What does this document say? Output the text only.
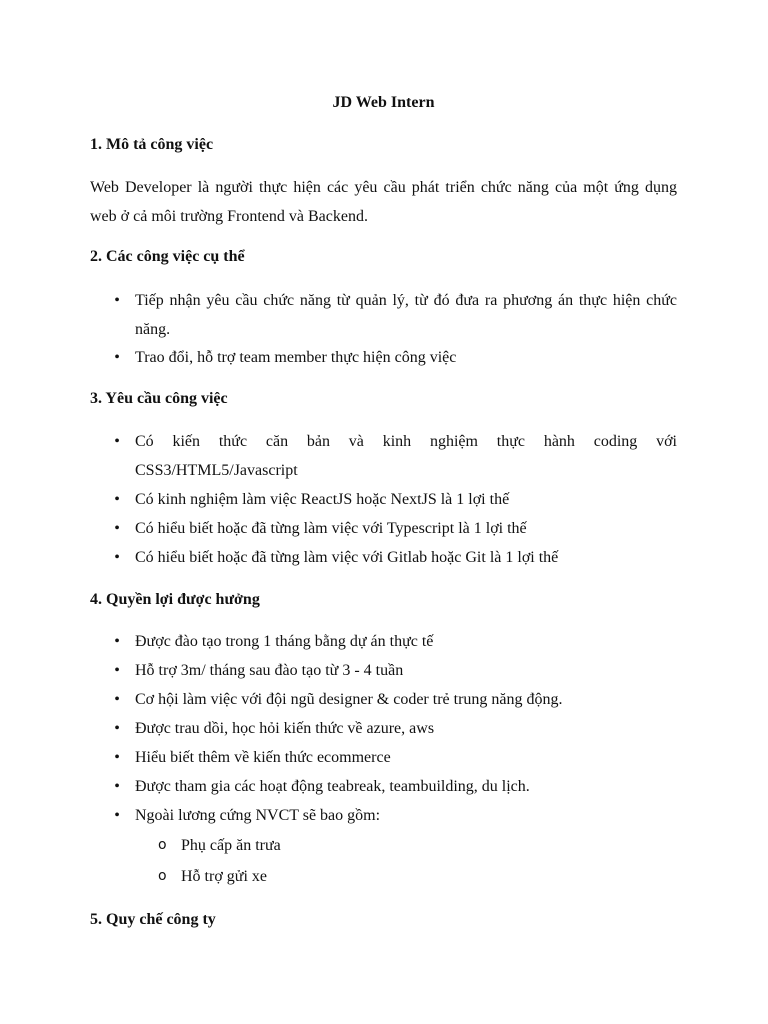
JD Web Intern
1. Mô tả công việc
Web Developer là người thực hiện các yêu cầu phát triển chức năng của một ứng dụng
web ở cả môi trường Frontend và Backend.
2. Các công việc cụ thể
• Tiếp nhận yêu cầu chức năng từ quản lý, từ đó đưa ra phương án thực hiện chức
năng.
• Trao đổi, hỗ trợ team member thực hiện công việc
3. Yêu cầu công việc
• Có kiến thức căn bản và kinh nghiệm thực hành coding với
CSS3/HTML5/Javascript
• Có kinh nghiệm làm việc ReactJS hoặc NextJS là 1 lợi thế
• Có hiểu biết hoặc đã từng làm việc với Typescript là 1 lợi thế
• Có hiểu biết hoặc đã từng làm việc với Gitlab hoặc Git là 1 lợi thế
4. Quyền lợi được hưởng
• Được đào tạo trong 1 tháng bằng dự án thực tế
• Hỗ trợ 3m/ tháng sau đào tạo từ 3 - 4 tuần
• Cơ hội làm việc với đội ngũ designer & coder trẻ trung năng động.
• Được trau dồi, học hỏi kiến thức về azure, aws
• Hiểu biết thêm về kiến thức ecommerce
• Được tham gia các hoạt động teabreak, teambuilding, du lịch.
• Ngoài lương cứng NVCT sẽ bao gồm:
o Phụ cấp ăn trưa
o Hỗ trợ gửi xe
5. Quy chế công ty
